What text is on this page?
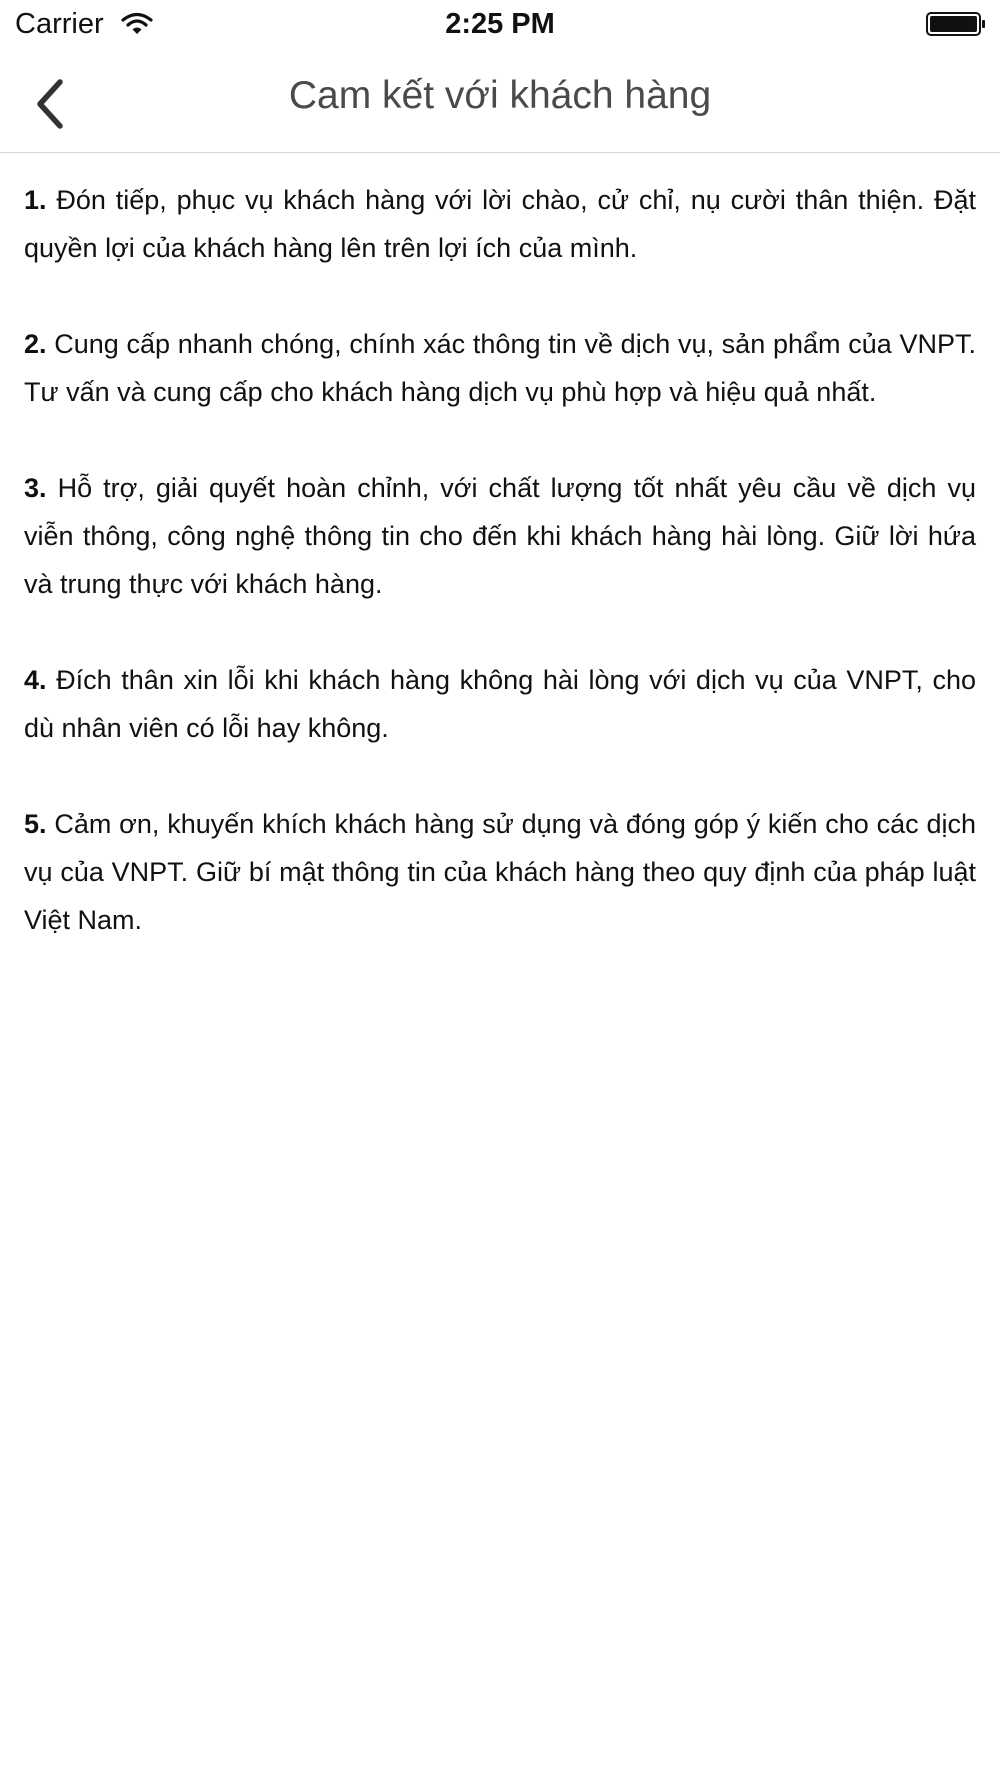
Carrier	2:25 PM
Cam kết với khách hàng

1. Đón tiếp, phục vụ khách hàng với lời chào, cử chỉ, nụ cười thân thiện. Đặt quyền lợi của khách hàng lên trên lợi ích của mình.

2. Cung cấp nhanh chóng, chính xác thông tin về dịch vụ, sản phẩm của VNPT. Tư vấn và cung cấp cho khách hàng dịch vụ phù hợp và hiệu quả nhất.

3. Hỗ trợ, giải quyết hoàn chỉnh, với chất lượng tốt nhất yêu cầu về dịch vụ viễn thông, công nghệ thông tin cho đến khi khách hàng hài lòng. Giữ lời hứa và trung thực với khách hàng.

4. Đích thân xin lỗi khi khách hàng không hài lòng với dịch vụ của VNPT, cho dù nhân viên có lỗi hay không.

5. Cảm ơn, khuyến khích khách hàng sử dụng và đóng góp ý kiến cho các dịch vụ của VNPT. Giữ bí mật thông tin của khách hàng theo quy định của pháp luật Việt Nam.
